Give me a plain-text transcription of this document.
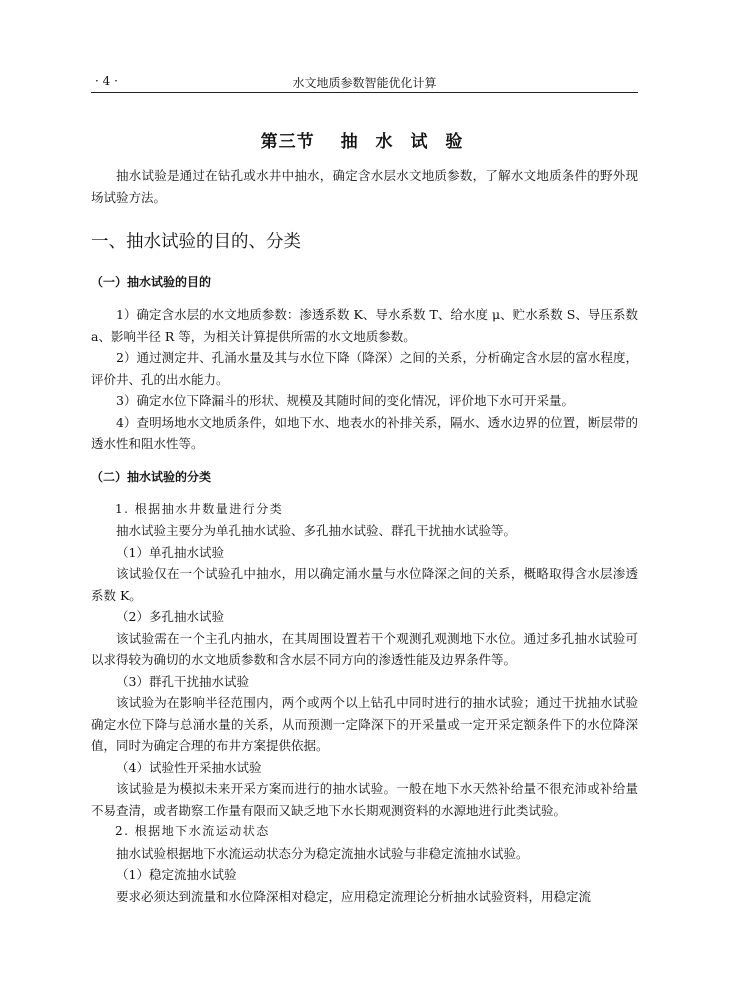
· 4 ·	水文地质参数智能优化计算
第三节 抽 水 试 验

抽水试验是通过在钻孔或水井中抽水，确定含水层水文地质参数，了解水文地质条件的野外现场试验方法。

一、抽水试验的目的、分类
（一）抽水试验的目的

1）确定含水层的水文地质参数：渗透系数 K、导水系数 T、给水度 μ、贮水系数 S、导压系数 a、影响半径 R 等，为相关计算提供所需的水文地质参数。

2）通过测定井、孔涌水量及其与水位下降（降深）之间的关系，分析确定含水层的富水程度，评价井、孔的出水能力。

3）确定水位下降漏斗的形状、规模及其随时间的变化情况，评价地下水可开采量。

4）查明场地水文地质条件，如地下水、地表水的补排关系，隔水、透水边界的位置，断层带的透水性和阻水性等。

（二）抽水试验的分类

1. 根据抽水井数量进行分类

抽水试验主要分为单孔抽水试验、多孔抽水试验、群孔干扰抽水试验等。

（1）单孔抽水试验

该试验仅在一个试验孔中抽水，用以确定涌水量与水位降深之间的关系，概略取得含水层渗透系数 K。

（2）多孔抽水试验

该试验需在一个主孔内抽水，在其周围设置若干个观测孔观测地下水位。通过多孔抽水试验可以求得较为确切的水文地质参数和含水层不同方向的渗透性能及边界条件等。

（3）群孔干扰抽水试验

该试验为在影响半径范围内，两个或两个以上钻孔中同时进行的抽水试验；通过干扰抽水试验确定水位下降与总涌水量的关系，从而预测一定降深下的开采量或一定开采定额条件下的水位降深值，同时为确定合理的布井方案提供依据。

（4）试验性开采抽水试验

该试验是为模拟未来开采方案而进行的抽水试验。一般在地下水天然补给量不很充沛或补给量不易查清，或者勘察工作量有限而又缺乏地下水长期观测资料的水源地进行此类试验。

2. 根据地下水流运动状态

抽水试验根据地下水流运动状态分为稳定流抽水试验与非稳定流抽水试验。

（1）稳定流抽水试验

要求必须达到流量和水位降深相对稳定，应用稳定流理论分析抽水试验资料，用稳定流
